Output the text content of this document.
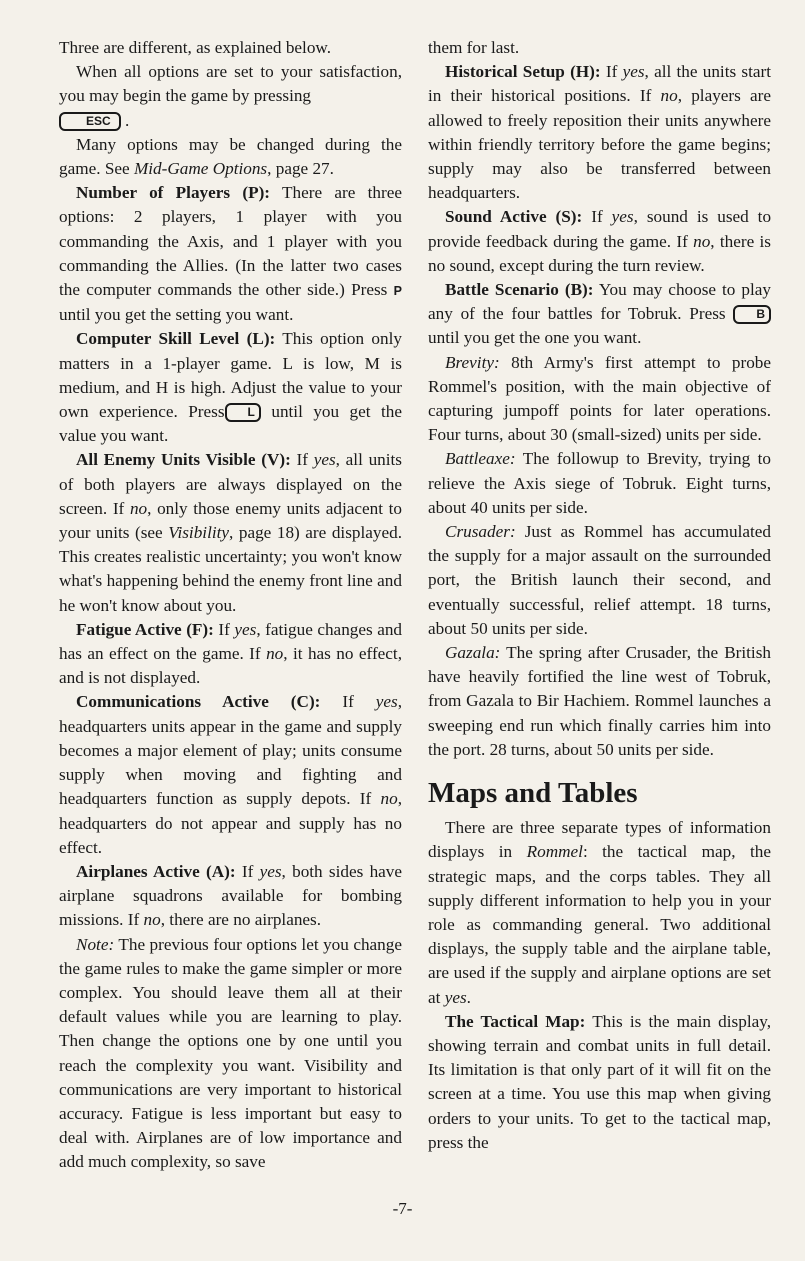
Three are different, as explained below.

When all options are set to your satisfaction, you may begin the game by pressing
ESC .

Many options may be changed during the game. See Mid-Game Options, page 27.

Number of Players (P): There are three options: 2 players, 1 player with you commanding the Axis, and 1 player with you commanding the Allies. (In the latter two cases the computer commands the other side.) Press P until you get the setting you want.

Computer Skill Level (L): This option only matters in a 1-player game. L is low, M is medium, and H is high. Adjust the value to your own experience. Press L until you get the value you want.

All Enemy Units Visible (V): If yes, all units of both players are always displayed on the screen. If no, only those enemy units adjacent to your units (see Visibility, page 18) are displayed. This creates realistic uncertainty; you won't know what's happening behind the enemy front line and he won't know about you.

Fatigue Active (F): If yes, fatigue changes and has an effect on the game. If no, it has no effect, and is not displayed.

Communications Active (C): If yes, headquarters units appear in the game and supply becomes a major element of play; units consume supply when moving and fighting and headquarters function as supply depots. If no, headquarters do not appear and supply has no effect.

Airplanes Active (A): If yes, both sides have airplane squadrons available for bombing missions. If no, there are no airplanes.

Note: The previous four options let you change the game rules to make the game simpler or more complex. You should leave them all at their default values while you are learning to play. Then change the options one by one until you reach the complexity you want. Visibility and communications are very important to historical accuracy. Fatigue is less important but easy to deal with. Airplanes are of low importance and add much complexity, so save

them for last.

Historical Setup (H): If yes, all the units start in their historical positions. If no, players are allowed to freely reposition their units anywhere within friendly territory before the game begins; supply may also be transferred between headquarters.

Sound Active (S): If yes, sound is used to provide feedback during the game. If no, there is no sound, except during the turn review.

Battle Scenario (B): You may choose to play any of the four battles for Tobruk. Press	B until you get the one you want.

Brevity: 8th Army's first attempt to probe Rommel's position, with the main objective of capturing jumpoff points for later operations. Four turns, about 30 (small-sized) units per side.

Battleaxe: The followup to Brevity, trying to relieve the Axis siege of Tobruk. Eight turns, about 40 units per side.

Crusader: Just as Rommel has accumulated the supply for a major assault on the surrounded port, the British launch their second, and eventually successful, relief attempt. 18 turns, about 50 units per side.

Gazala: The spring after Crusader, the British have heavily fortified the line west of Tobruk, from Gazala to Bir Hachiem. Rommel launches a sweeping end run which finally carries him into the port. 28 turns, about 50 units per side.

Maps and Tables

There are three separate types of information displays in Rommel: the tactical map, the strategic maps, and the corps tables. They all supply different information to help you in your role as commanding general. Two additional displays, the supply table and the airplane table, are used if the supply and airplane options are set at yes.

The Tactical Map: This is the main display, showing terrain and combat units in full detail. Its limitation is that only part of it will fit on the screen at a time. You use this map when giving orders to your units. To get to the tactical map, press the

-7-
